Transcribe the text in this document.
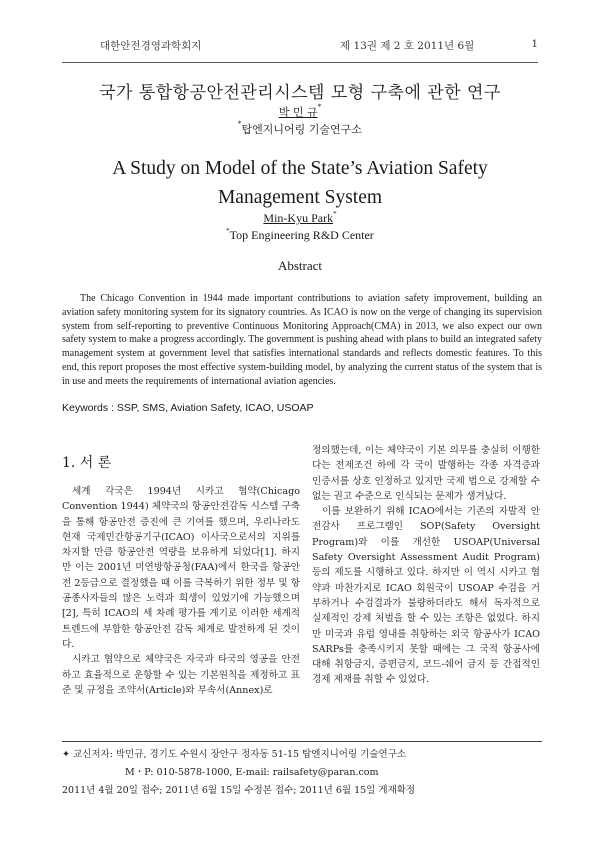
대한안전경영과학회지	제 13권 제 2 호 2011년 6월	1
국가 통합항공안전관리시스템 모형 구축에 관한 연구
박 민 규*
*탑엔지니어링 기술연구소
A Study on Model of the State’s Aviation Safety Management System
Min-Kyu Park*
*Top Engineering R&D Center
Abstract
The Chicago Convention in 1944 made important contributions to aviation safety improvement, building an aviation safety monitoring system for its signatory countries. As ICAO is now on the verge of changing its supervision system from self-reporting to preventive Continuous Monitoring Approach(CMA) in 2013, we also expect our own safety system to make a progress accordingly. The government is pushing ahead with plans to build an integrated safety management system at government level that satisfies international standards and reflects domestic features. To this end, this report proposes the most effective system-building model, by analyzing the current status of the system that is in use and meets the requirements of international aviation agencies.
Keywords : SSP, SMS, Aviation Safety, ICAO, USOAP
1. 서 론

세계 각국은 1994년 시카고 협약(Chicago Convention 1944) 체약국의 항공안전감독 시스템 구축을 통해 항공안전 증진에 큰 기여를 했으며, 우리나라도 현재 국제민간항공기구(ICAO) 이사국으로서의 지위를 차지할 만큼 항공안전 역량을 보유하게 되었다[1]. 하지만 이는 2001년 미연방항공청(FAA)에서 한국을 항공안전 2등급으로 결정했을 때 이를 극복하기 위한 정부 및 항공종사자들의 많은 노력과 희생이 있었기에 가능했으며[2], 특히 ICAO의 세 차례 평가를 계기로 이러한 세계적 트렌드에 부합한 항공안전 감독 체계로 발전하게 된 것이다.

시카고 협약으로 체약국은 자국과 타국의 영공을 안전하고 효율적으로 운항할 수 있는 기본원칙을 제정하고 표준 및 규정을 조약서(Article)와 부속서(Annex)로

정의했는데, 이는 체약국이 기본 의무를 충실히 이행한다는 전제조건 하에 각 국이 발행하는 각종 자격증과 인증서를 상호 인정하고 있지만 국제 법으로 강제할 수 없는 권고 수준으로 인식되는 문제가 생겨났다.

이를 보완하기 위해 ICAO에서는 기존의 자발적 안전감사 프로그램인 SOP(Safety Oversight Program)와 이를 개선한 USOAP(Universal Safety Oversight Assessment Audit Program) 등의 제도를 시행하고 있다. 하지만 이 역시 시카고 협약과 마찬가지로 ICAO 회원국이 USOAP 수검을 거부하거나 수검결과가 불량하더라도 해서 독자적으로 실제적인 강제 처벌을 할 수 있는 조항은 없었다. 하지만 미국과 유럽 영내를 취항하는 외국 항공사가 ICAO SARPs를 충족시키지 못할 때에는 그 국적 항공사에 대해 취항금지, 증편금지, 코드-쉐어 금지 등 간접적인 경제 제재를 취할 수 있었다.

✦ 교신저자: 박민규, 경기도 수원시 장안구 정자동 51-15 탑엔지니어링 기술연구소
M・P: 010-5878-1000, E-mail: railsafety@paran.com
2011년 4월 20일 접수; 2011년 6월 15일 수정본 접수; 2011년 6월 15일 게재확정
